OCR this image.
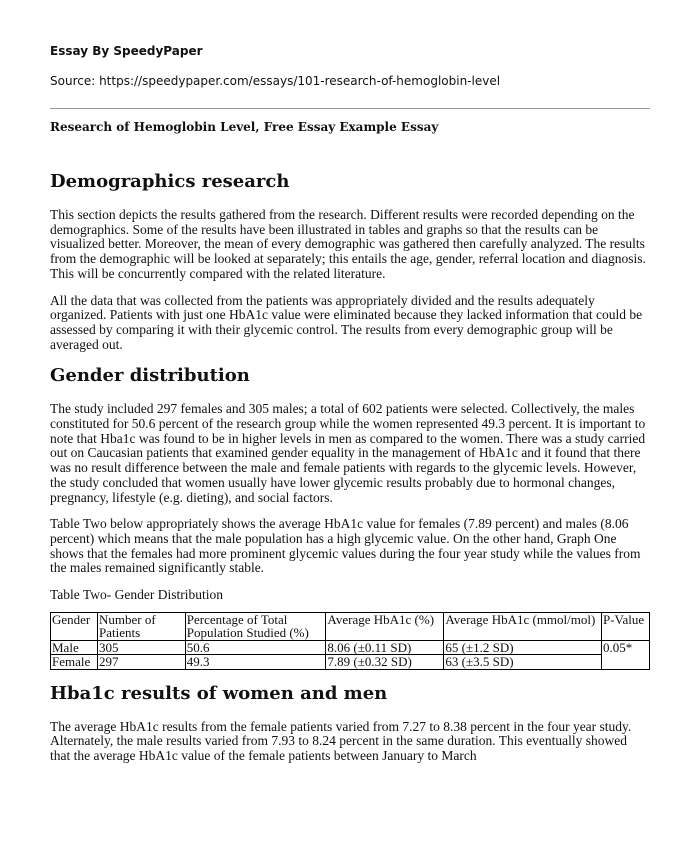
Essay By SpeedyPaper
Source: https://speedypaper.com/essays/101-research-of-hemoglobin-level
Research of Hemoglobin Level, Free Essay Example Essay
Demographics research

This section depicts the results gathered from the research. Different results were recorded depending on the demographics. Some of the results have been illustrated in tables and graphs so that the results can be visualized better. Moreover, the mean of every demographic was gathered then carefully analyzed. The results from the demographic will be looked at separately; this entails the age, gender, referral location and diagnosis. This will be concurrently compared with the related literature.

All the data that was collected from the patients was appropriately divided and the results adequately organized. Patients with just one HbA1c value were eliminated because they lacked information that could be assessed by comparing it with their glycemic control. The results from every demographic group will be averaged out.

Gender distribution

The study included 297 females and 305 males; a total of 602 patients were selected. Collectively, the males constituted for 50.6 percent of the research group while the women represented 49.3 percent. It is important to note that Hba1c was found to be in higher levels in men as compared to the women. There was a study carried out on Caucasian patients that examined gender equality in the management of HbA1c and it found that there was no result difference between the male and female patients with regards to the glycemic levels. However, the study concluded that women usually have lower glycemic results probably due to hormonal changes, pregnancy, lifestyle (e.g. dieting), and social factors.

Table Two below appropriately shows the average HbA1c value for females (7.89 percent) and males (8.06 percent) which means that the male population has a high glycemic value. On the other hand, Graph One shows that the females had more prominent glycemic values during the four year study while the values from the males remained significantly stable.

Table Two- Gender Distribution

Gender	Number of Patients	Percentage of Total Population Studied (%)	Average HbA1c (%)	Average HbA1c (mmol/mol)	P-Value
Male	305	50.6	8.06 (±0.11 SD)	65 (±1.2 SD)	0.05*
Female	297	49.3	7.89 (±0.32 SD)	63 (±3.5 SD)	
Hba1c results of women and men

The average HbA1c results from the female patients varied from 7.27 to 8.38 percent in the four year study. Alternately, the male results varied from 7.93 to 8.24 percent in the same duration. This eventually showed that the average HbA1c value of the female patients between January to March
